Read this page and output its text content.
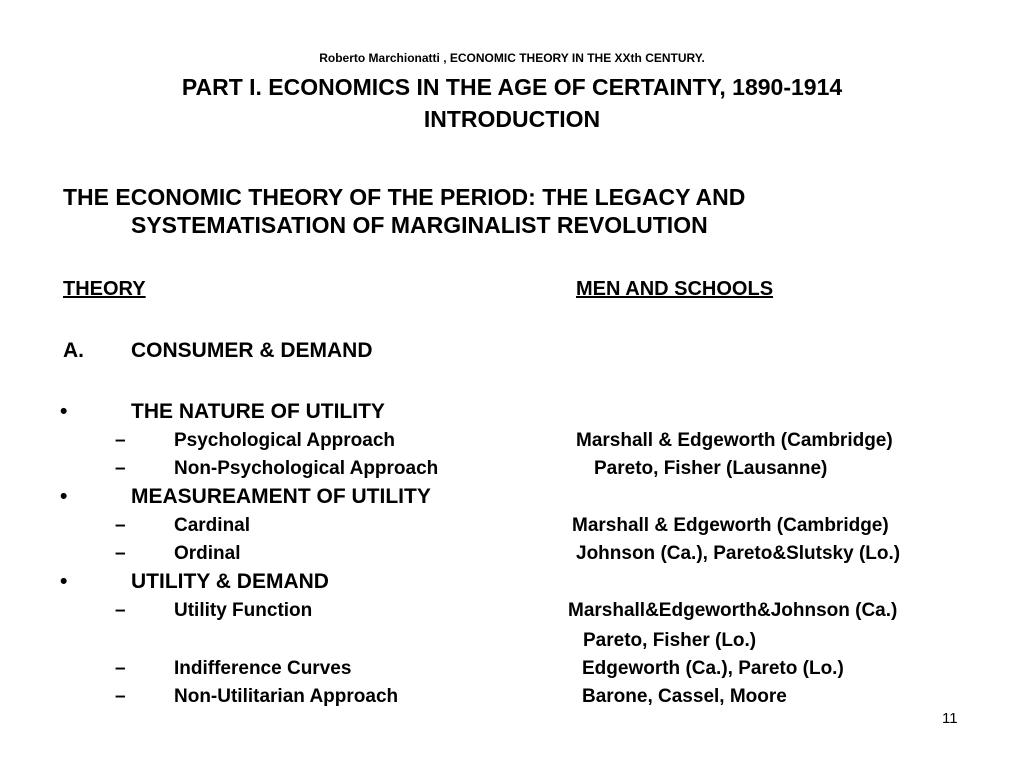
Roberto Marchionatti , ECONOMIC THEORY IN THE XXth CENTURY.
PART I. ECONOMICS IN THE AGE OF CERTAINTY, 1890-1914
INTRODUCTION
THE ECONOMIC THEORY OF THE PERIOD: THE LEGACY AND
SYSTEMATISATION OF MARGINALIST REVOLUTION
THEORY	MEN AND SCHOOLS
A. CONSUMER & DEMAND
•	THE NATURE OF UTILITY
–	Psychological Approach	Marshall & Edgeworth (Cambridge)
–	Non-Psychological Approach	Pareto, Fisher (Lausanne)
•	MEASUREAMENT OF UTILITY
–	Cardinal	Marshall & Edgeworth (Cambridge)
–	Ordinal	Johnson (Ca.), Pareto&Slutsky (Lo.)
•	UTILITY & DEMAND
–	Utility Function	Marshall&Edgeworth&Johnson (Ca.)
Pareto, Fisher (Lo.)
–	Indifference Curves	Edgeworth (Ca.), Pareto (Lo.)
–	Non-Utilitarian Approach	Barone, Cassel, Moore
11
